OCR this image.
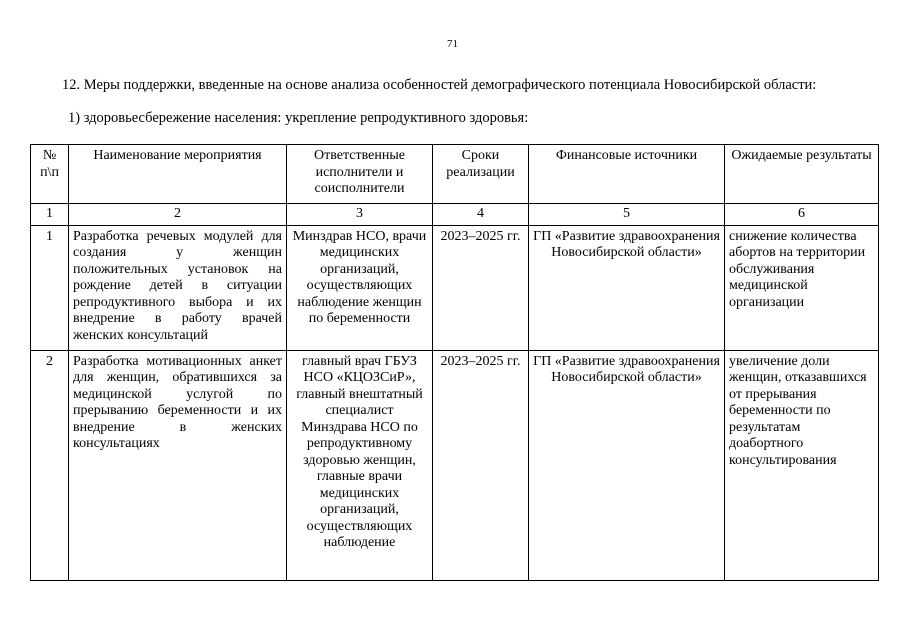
71
12. Меры поддержки, введенные на основе анализа особенностей демографического потенциала Новосибирской области:
1) здоровьесбережение населения: укрепление репродуктивного здоровья:
№ п\п	Наименование мероприятия	Ответственные исполнители и соисполнители	Сроки реализации	Финансовые источники	Ожидаемые результаты
1	2	3	4	5	6
1	Разработка речевых модулей для создания у женщин положительных установок на рождение детей в ситуации репродуктивного выбора и их внедрение в работу врачей женских консультаций	Минздрав НСО, врачи медицинских организаций, осуществляющих наблюдение женщин по беременности	2023–2025 гг.	ГП «Развитие здравоохранения Новосибирской области»	снижение количества абортов на территории обслуживания медицинской организации
2	Разработка мотивационных анкет для женщин, обратившихся за медицинской услугой по прерыванию беременности и их внедрение в женских консультациях	главный врач ГБУЗ НСО «КЦОЗСиР», главный внештатный специалист Минздрава НСО по репродуктивному здоровью женщин, главные врачи медицинских организаций, осуществляющих наблюдение	2023–2025 гг.	ГП «Развитие здравоохранения Новосибирской области»	увеличение доли женщин, отказавшихся от прерывания беременности по результатам доабортного консультирования
